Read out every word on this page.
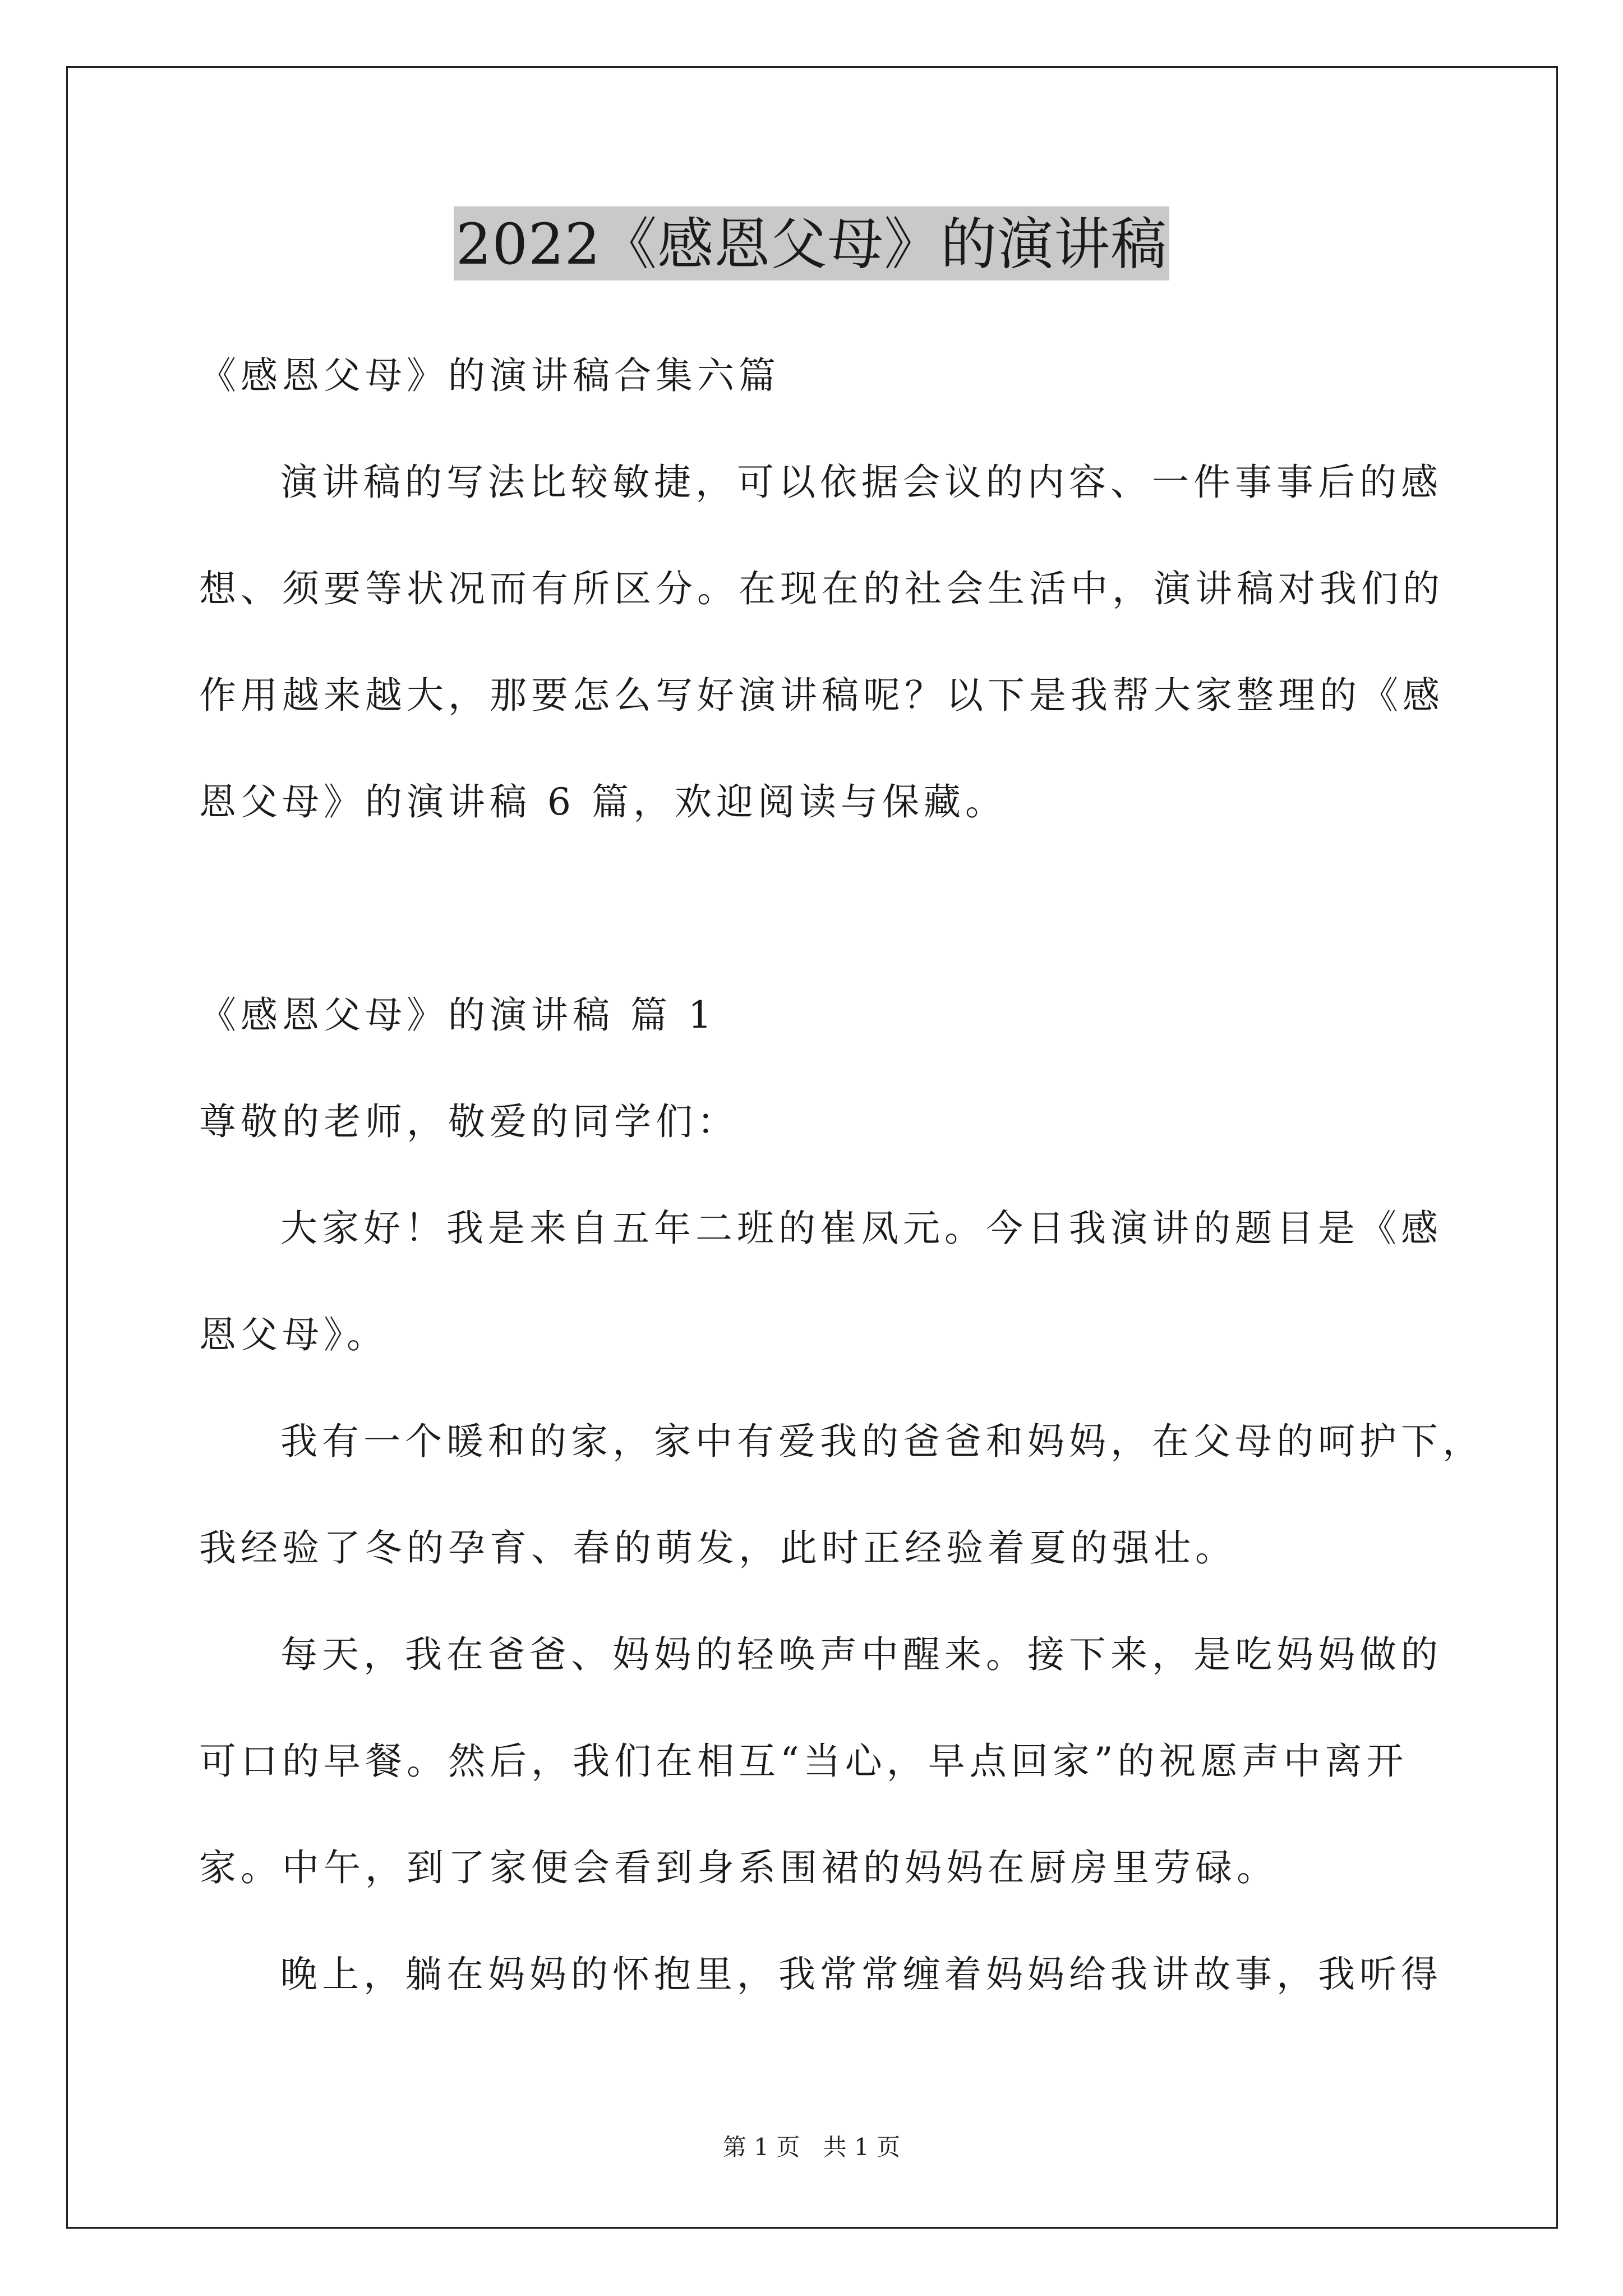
2022《感恩父母》的演讲稿
《感恩父母》的演讲稿合集六篇
演讲稿的写法比较敏捷，可以依据会议的内容、一件事事后的感
想、须要等状况而有所区分。在现在的社会生活中，演讲稿对我们的
作用越来越大，那要怎么写好演讲稿呢？以下是我帮大家整理的《感
恩父母》的演讲稿 6 篇，欢迎阅读与保藏。
《感恩父母》的演讲稿 篇 1
尊敬的老师，敬爱的同学们：
大家好！我是来自五年二班的崔凤元。今日我演讲的题目是《感
恩父母》。
我有一个暖和的家，家中有爱我的爸爸和妈妈，在父母的呵护下，
我经验了冬的孕育、春的萌发，此时正经验着夏的强壮。
每天，我在爸爸、妈妈的轻唤声中醒来。接下来，是吃妈妈做的
可口的早餐。然后，我们在相互“当心，早点回家”的祝愿声中离开
家。中午，到了家便会看到身系围裙的妈妈在厨房里劳碌。
晚上，躺在妈妈的怀抱里，我常常缠着妈妈给我讲故事，我听得
第 1 页 共 1 页
